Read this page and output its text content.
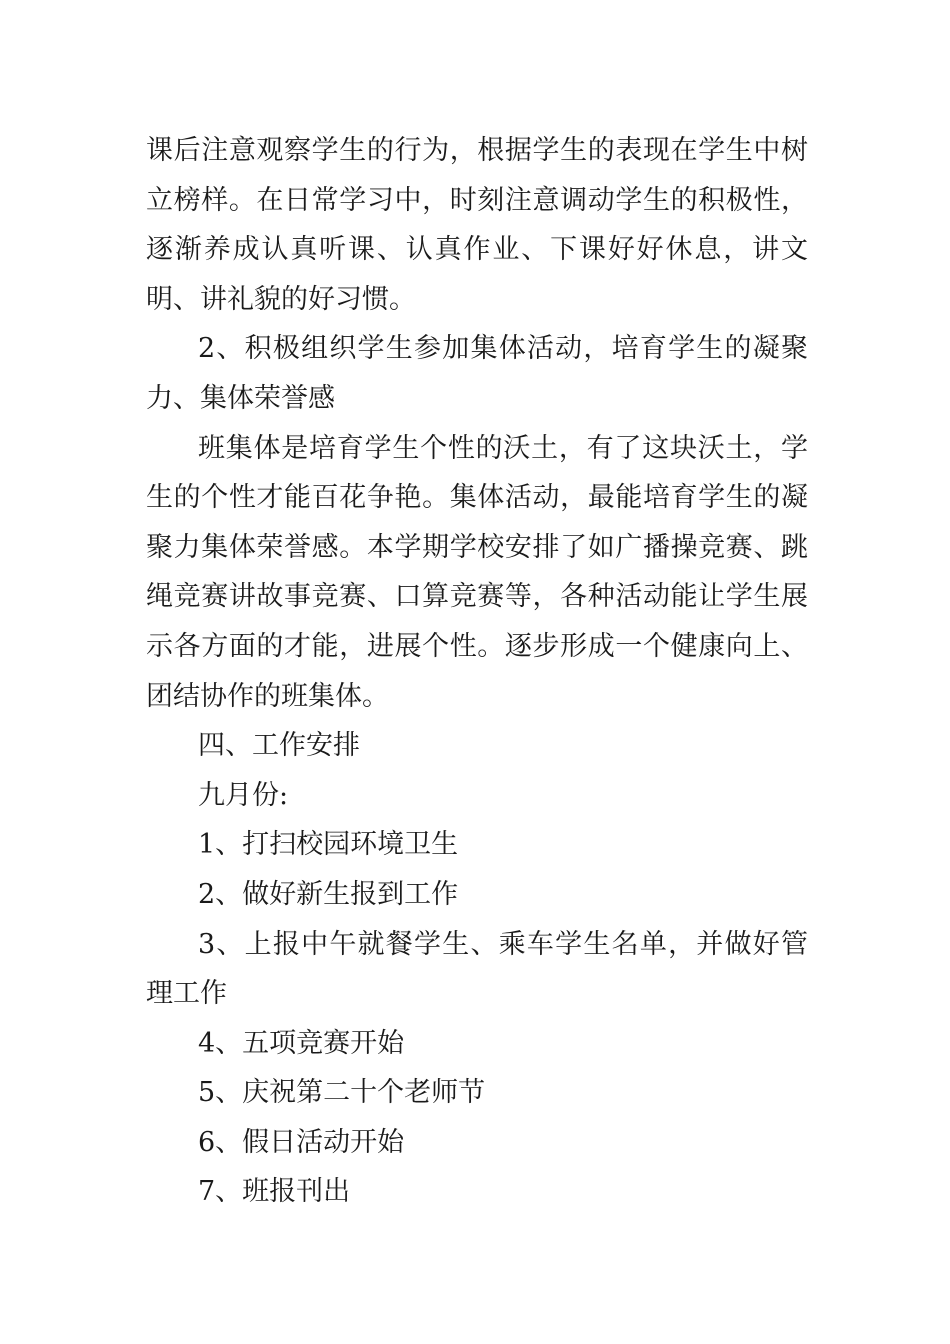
课后注意观察学生的行为，根据学生的表现在学生中树立榜样。在日常学习中，时刻注意调动学生的积极性，逐渐养成认真听课、认真作业、下课好好休息，讲文明、讲礼貌的好习惯。

2、积极组织学生参加集体活动，培育学生的凝聚力、集体荣誉感

班集体是培育学生个性的沃土，有了这块沃土，学生的个性才能百花争艳。集体活动，最能培育学生的凝聚力集体荣誉感。本学期学校安排了如广播操竞赛、跳绳竞赛讲故事竞赛、口算竞赛等，各种活动能让学生展示各方面的才能，进展个性。逐步形成一个健康向上、团结协作的班集体。

四、工作安排

九月份:

1、打扫校园环境卫生

2、做好新生报到工作

3、上报中午就餐学生、乘车学生名单，并做好管理工作

4、五项竞赛开始

5、庆祝第二十个老师节

6、假日活动开始

7、班报刊出
